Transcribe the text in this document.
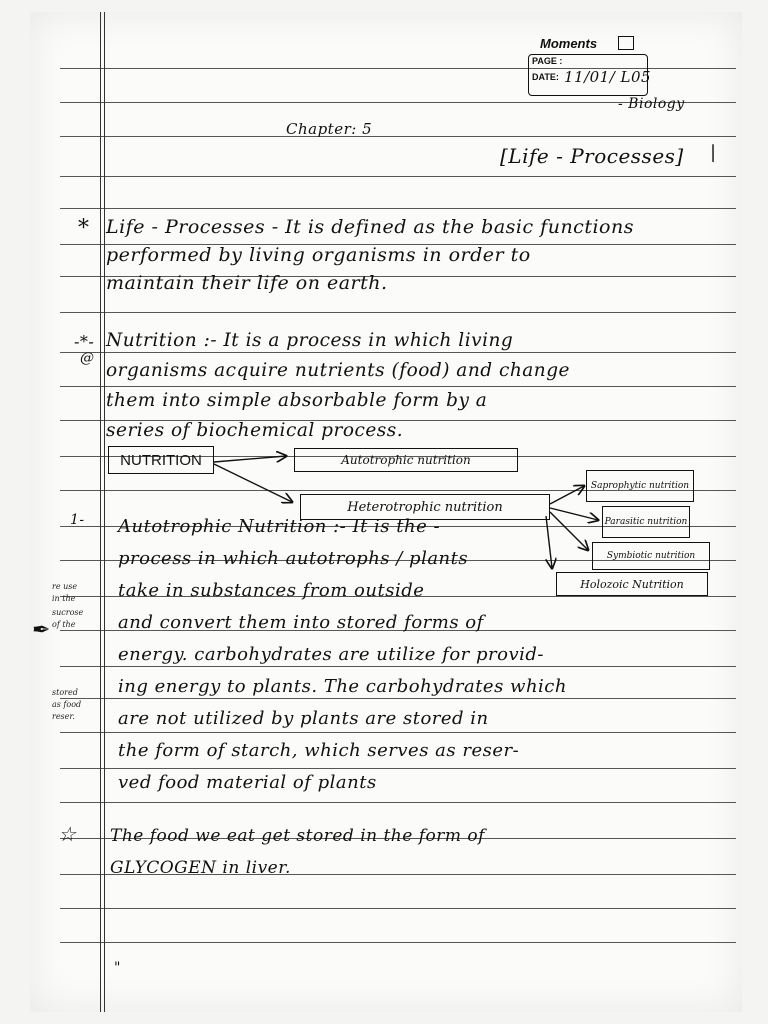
Moments
PAGE :
DATE: 11/01/ L05
- Biology
Chapter: 5
[Life - Processes] |
* Life - Processes - It is defined as the basic functions
performed by living organisms in order to
maintain their life on earth.
-*-
@
Nutrition :- It is a process in which living
organisms acquire nutrients (food) and change
them into simple absorbable form by a
series of biochemical process.
NUTRITION	Autotrophic nutrition
Heterotrophic nutrition
Saprophytic nutrition
Parasitic nutrition
Symbiotic nutrition
Holozoic Nutrition
1- Autotrophic Nutrition :- It is the -
process in which autotrophs / plants
take in substances from outside
and convert them into stored forms of
energy. carbohydrates are utilize for provid-
ing energy to plants. The carbohydrates which
are not utilized by plants are stored in
the form of starch, which serves as reser-
ved food material of plants
re use
in the
sucrose
of the
stored
as food
reser.
✒
☆ The food we eat get stored in the form of
GLYCOGEN in liver.
"
